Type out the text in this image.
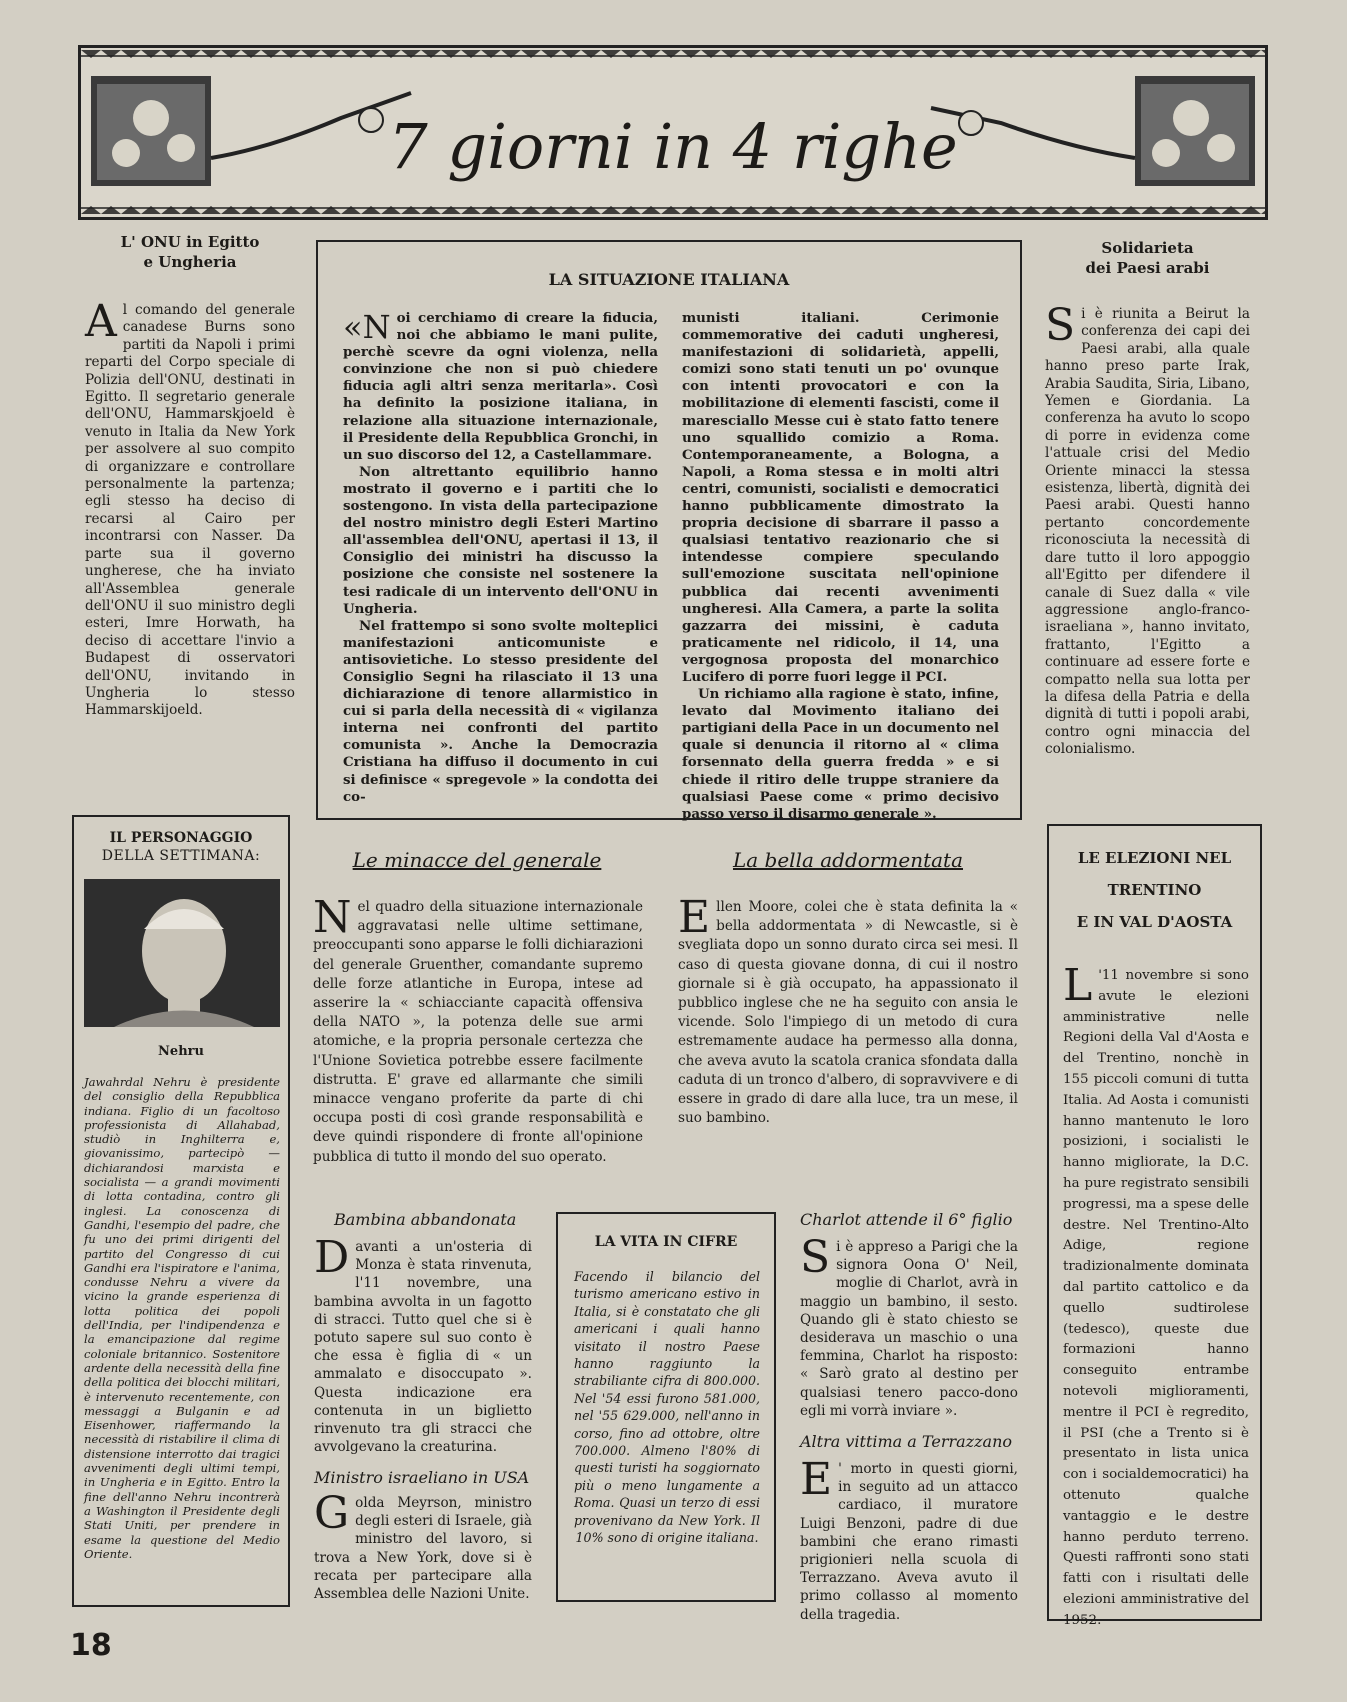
7 giorni in 4 righe
L' ONU in Egitto
e Ungheria
Al comando del generale canadese Burns sono partiti da Napoli i primi reparti del Corpo speciale di Polizia dell'ONU, destinati in Egitto. Il segretario generale dell'ONU, Hammarskjoeld è venuto in Italia da New York per assolvere al suo compito di organizzare e controllare personalmente la partenza; egli stesso ha deciso di recarsi al Cairo per incontrarsi con Nasser. Da parte sua il governo ungherese, che ha inviato all'Assemblea generale dell'ONU il suo ministro degli esteri, Imre Horwath, ha deciso di accettare l'invio a Budapest di osservatori dell'ONU, invitando in Ungheria lo stesso Hammarskijoeld.
LA SITUAZIONE ITALIANA
«Noi cerchiamo di creare la fiducia, noi che abbiamo le mani pulite, perchè scevre da ogni violenza, nella convinzione che non si può chiedere fiducia agli altri senza meritarla». Così ha definito la posizione italiana, in relazione alla situazione internazionale, il Presidente della Repubblica Gronchi, in un suo discorso del 12, a Castellammare.
Non altrettanto equilibrio hanno mostrato il governo e i partiti che lo sostengono. In vista della partecipazione del nostro ministro degli Esteri Martino all'assemblea dell'ONU, apertasi il 13, il Consiglio dei ministri ha discusso la posizione che consiste nel sostenere la tesi radicale di un intervento dell'ONU in Ungheria.
Nel frattempo si sono svolte molteplici manifestazioni anticomuniste e antisovietiche. Lo stesso presidente del Consiglio Segni ha rilasciato il 13 una dichiarazione di tenore allarmistico in cui si parla della necessità di « vigilanza interna nei confronti del partito comunista ». Anche la Democrazia Cristiana ha diffuso il documento in cui si definisce « spregevole » la condotta dei co-
munisti italiani. Cerimonie commemorative dei caduti ungheresi, manifestazioni di solidarietà, appelli, comizi sono stati tenuti un po' ovunque con intenti provocatori e con la mobilitazione di elementi fascisti, come il maresciallo Messe cui è stato fatto tenere uno squallido comizio a Roma. Contemporaneamente, a Bologna, a Napoli, a Roma stessa e in molti altri centri, comunisti, socialisti e democratici hanno pubblicamente dimostrato la propria decisione di sbarrare il passo a qualsiasi tentativo reazionario che si intendesse compiere speculando sull'emozione suscitata nell'opinione pubblica dai recenti avvenimenti ungheresi. Alla Camera, a parte la solita gazzarra dei missini, è caduta praticamente nel ridicolo, il 14, una vergognosa proposta del monarchico Lucifero di porre fuori legge il PCI.
Un richiamo alla ragione è stato, infine, levato dal Movimento italiano dei partigiani della Pace in un documento nel quale si denuncia il ritorno al « clima forsennato della guerra fredda » e si chiede il ritiro delle truppe straniere da qualsiasi Paese come « primo decisivo passo verso il disarmo generale ».
Solidarieta
dei Paesi arabi
Si è riunita a Beirut la conferenza dei capi dei Paesi arabi, alla quale hanno preso parte Irak, Arabia Saudita, Siria, Libano, Yemen e Giordania. La conferenza ha avuto lo scopo di porre in evidenza come l'attuale crisi del Medio Oriente minacci la stessa esistenza, libertà, dignità dei Paesi arabi. Questi hanno pertanto concordemente riconosciuta la necessità di dare tutto il loro appoggio all'Egitto per difendere il canale di Suez dalla « vile aggressione anglo-franco-israeliana », hanno invitato, frattanto, l'Egitto a continuare ad essere forte e compatto nella sua lotta per la difesa della Patria e della dignità di tutti i popoli arabi, contro ogni minaccia del colonialismo.
IL PERSONAGGIO
DELLA SETTIMANA:
Nehru
Jawahrdal Nehru è presidente del consiglio della Repubblica indiana. Figlio di un facoltoso professionista di Allahabad, studiò in Inghilterra e, giovanissimo, partecipò — dichiarandosi marxista e socialista — a grandi movimenti di lotta contadina, contro gli inglesi. La conoscenza di Gandhi, l'esempio del padre, che fu uno dei primi dirigenti del partito del Congresso di cui Gandhi era l'ispiratore e l'anima, condusse Nehru a vivere da vicino la grande esperienza di lotta politica dei popoli dell'India, per l'indipendenza e la emancipazione dal regime coloniale britannico. Sostenitore ardente della necessità della fine della politica dei blocchi militari, è intervenuto recentemente, con messaggi a Bulganin e ad Eisenhower, riaffermando la necessità di ristabilire il clima di distensione interrotto dai tragici avvenimenti degli ultimi tempi, in Ungheria e in Egitto. Entro la fine dell'anno Nehru incontrerà a Washington il Presidente degli Stati Uniti, per prendere in esame la questione del Medio Oriente.
Le minacce del generale
Nel quadro della situazione internazionale aggravatasi nelle ultime settimane, preoccupanti sono apparse le folli dichiarazioni del generale Gruenther, comandante supremo delle forze atlantiche in Europa, intese ad asserire la « schiacciante capacità offensiva della NATO », la potenza delle sue armi atomiche, e la propria personale certezza che l'Unione Sovietica potrebbe essere facilmente distrutta. E' grave ed allarmante che simili minacce vengano proferite da parte di chi occupa posti di così grande responsabilità e deve quindi rispondere di fronte all'opinione pubblica di tutto il mondo del suo operato.
La bella addormentata
Ellen Moore, colei che è stata definita la « bella addormentata » di Newcastle, si è svegliata dopo un sonno durato circa sei mesi. Il caso di questa giovane donna, di cui il nostro giornale si è già occupato, ha appassionato il pubblico inglese che ne ha seguito con ansia le vicende. Solo l'impiego di un metodo di cura estremamente audace ha permesso alla donna, che aveva avuto la scatola cranica sfondata dalla caduta di un tronco d'albero, di sopravvivere e di essere in grado di dare alla luce, tra un mese, il suo bambino.
LE ELEZIONI NEL
TRENTINO
E IN VAL D'AOSTA
L '11 novembre si sono avute le elezioni amministrative nelle Regioni della Val d'Aosta e del Trentino, nonchè in 155 piccoli comuni di tutta Italia. Ad Aosta i comunisti hanno mantenuto le loro posizioni, i socialisti le hanno migliorate, la D.C. ha pure registrato sensibili progressi, ma a spese delle destre. Nel Trentino-Alto Adige, regione tradizionalmente dominata dal partito cattolico e da quello sudtirolese (tedesco), queste due formazioni hanno conseguito entrambe notevoli miglioramenti, mentre il PCI è regredito, il PSI (che a Trento si è presentato in lista unica con i socialdemocratici) ha ottenuto qualche vantaggio e le destre hanno perduto terreno. Questi raffronti sono stati fatti con i risultati delle elezioni amministrative del 1952.
Bambina abbandonata
Davanti a un'osteria di Monza è stata rinvenuta, l'11 novembre, una bambina avvolta in un fagotto di stracci. Tutto quel che si è potuto sapere sul suo conto è che essa è figlia di « un ammalato e disoccupato ». Questa indicazione era contenuta in un biglietto rinvenuto tra gli stracci che avvolgevano la creaturina.
Ministro israeliano in USA
Golda Meyrson, ministro degli esteri di Israele, già ministro del lavoro, si trova a New York, dove si è recata per partecipare alla Assemblea delle Nazioni Unite.
LA VITA IN CIFRE
Facendo il bilancio del turismo americano estivo in Italia, si è constatato che gli americani i quali hanno visitato il nostro Paese hanno raggiunto la strabiliante cifra di 800.000. Nel '54 essi furono 581.000, nel '55 629.000, nell'anno in corso, fino ad ottobre, oltre 700.000. Almeno l'80% di questi turisti ha soggiornato più o meno lungamente a Roma. Quasi un terzo di essi provenivano da New York. Il 10% sono di origine italiana.
Charlot attende il 6° figlio
Si è appreso a Parigi che la signora Oona O' Neil, moglie di Charlot, avrà in maggio un bambino, il sesto. Quando gli è stato chiesto se desiderava un maschio o una femmina, Charlot ha risposto: « Sarò grato al destino per qualsiasi tenero pacco-dono egli mi vorrà inviare ».
Altra vittima a Terrazzano
E ' morto in questi giorni, in seguito ad un attacco cardiaco, il muratore Luigi Benzoni, padre di due bambini che erano rimasti prigionieri nella scuola di Terrazzano. Aveva avuto il primo collasso al momento della tragedia.
18
